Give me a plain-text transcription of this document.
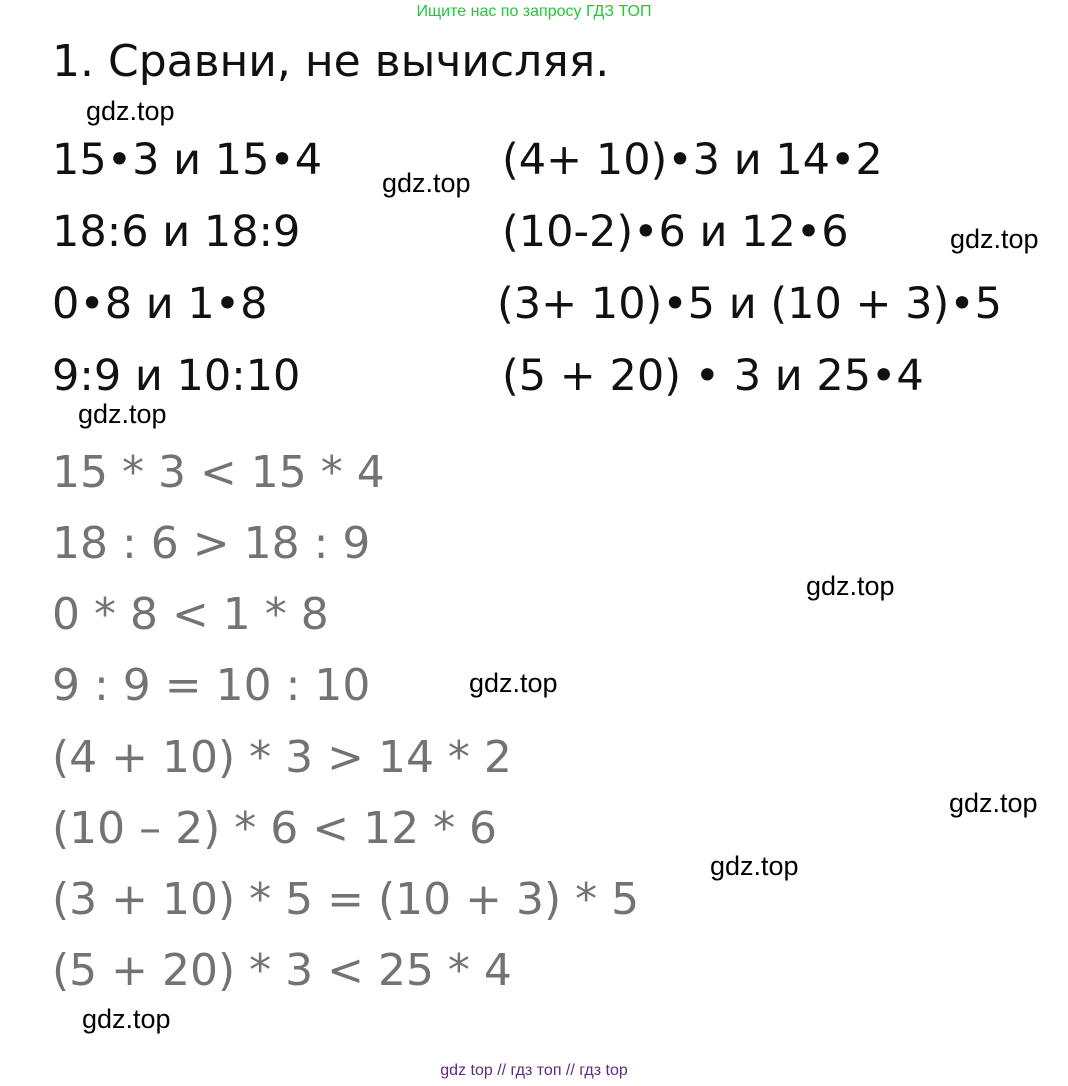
Ищите нас по запросу ГДЗ ТОП
1. Сравни, не вычисляя.
15•3 и 15•4
18:6 и 18:9
0•8 и 1•8
9:9 и 10:10
(4+ 10)•3 и 14•2
(10-2)•6 и 12•6
(3+ 10)•5 и (10 + 3)•5
(5 + 20) • 3 и 25•4
15 * 3 < 15 * 4
18 : 6 > 18 : 9
0 * 8 < 1 * 8
9 : 9 = 10 : 10
(4 + 10) * 3 > 14 * 2
(10 – 2) * 6 < 12 * 6
(3 + 10) * 5 = (10 + 3) * 5
(5 + 20) * 3 < 25 * 4
gdz.top
gdz.top
gdz.top
gdz.top
gdz.top
gdz.top
gdz.top
gdz.top
gdz.top
gdz top // гдз топ // гдз top
